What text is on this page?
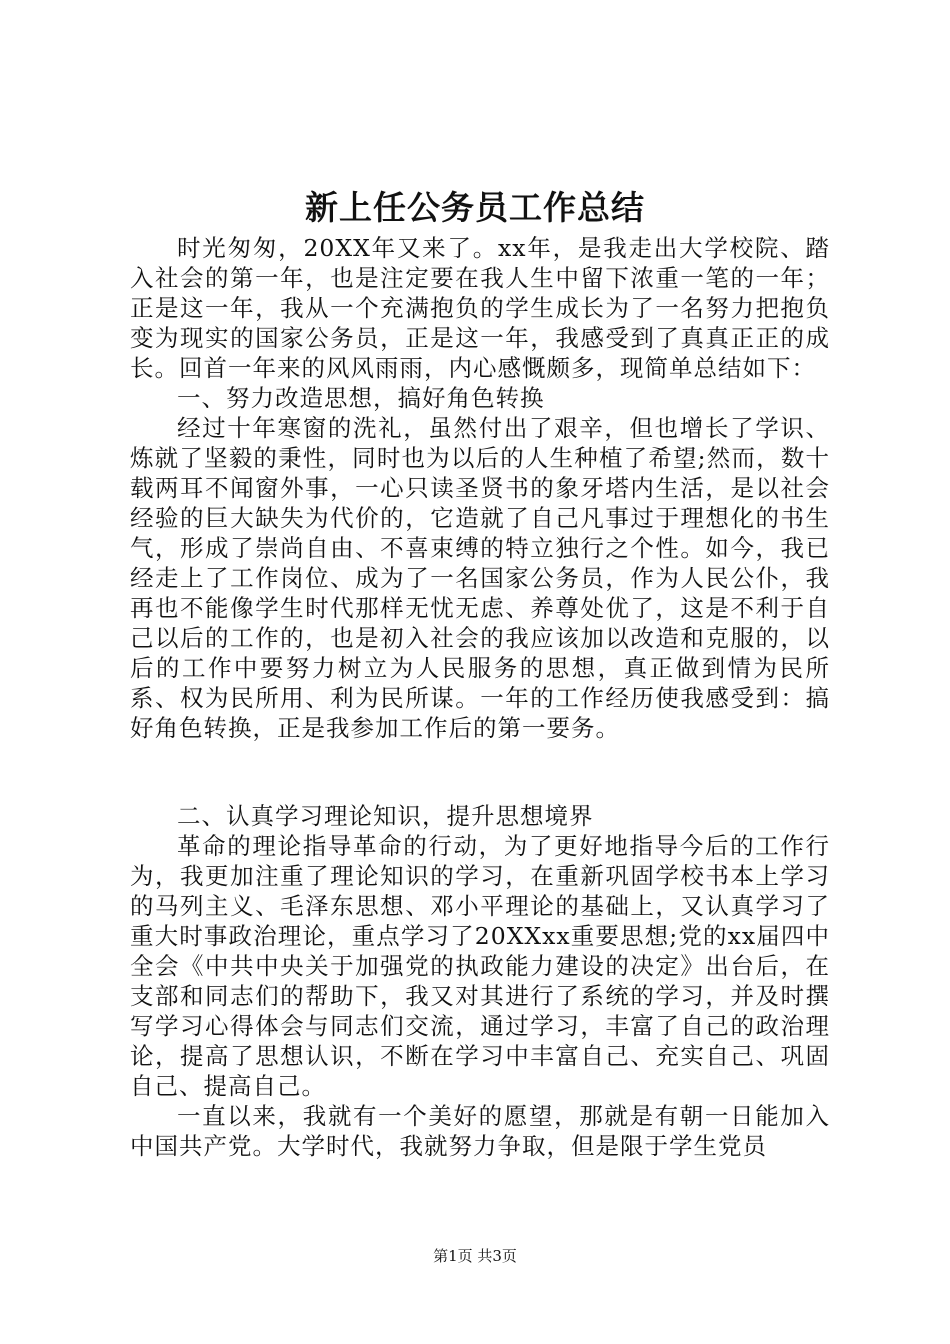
新上任公务员工作总结

时光匆匆，20XX年又来了。xx年，是我走出大学校院、踏入社会的第一年，也是注定要在我人生中留下浓重一笔的一年；正是这一年，我从一个充满抱负的学生成长为了一名努力把抱负变为现实的国家公务员，正是这一年，我感受到了真真正正的成长。回首一年来的风风雨雨，内心感慨颇多，现简单总结如下：

一、努力改造思想，搞好角色转换

经过十年寒窗的洗礼，虽然付出了艰辛，但也增长了学识、炼就了坚毅的秉性，同时也为以后的人生种植了希望;然而，数十载两耳不闻窗外事，一心只读圣贤书的象牙塔内生活，是以社会经验的巨大缺失为代价的，它造就了自己凡事过于理想化的书生气，形成了崇尚自由、不喜束缚的特立独行之个性。如今，我已经走上了工作岗位、成为了一名国家公务员，作为人民公仆，我再也不能像学生时代那样无忧无虑、养尊处优了，这是不利于自己以后的工作的，也是初入社会的我应该加以改造和克服的，以后的工作中要努力树立为人民服务的思想，真正做到情为民所系、权为民所用、利为民所谋。一年的工作经历使我感受到：搞好角色转换，正是我参加工作后的第一要务。

二、认真学习理论知识，提升思想境界

革命的理论指导革命的行动，为了更好地指导今后的工作行为，我更加注重了理论知识的学习，在重新巩固学校书本上学习的马列主义、毛泽东思想、邓小平理论的基础上，又认真学习了重大时事政治理论，重点学习了20XXxx重要思想;党的xx届四中全会《中共中央关于加强党的执政能力建设的决定》出台后，在支部和同志们的帮助下，我又对其进行了系统的学习，并及时撰写学习心得体会与同志们交流，通过学习，丰富了自己的政治理论，提高了思想认识，不断在学习中丰富自己、充实自己、巩固自己、提高自己。

一直以来，我就有一个美好的愿望，那就是有朝一日能加入中国共产党。大学时代，我就努力争取，但是限于学生党员

第1页 共3页
